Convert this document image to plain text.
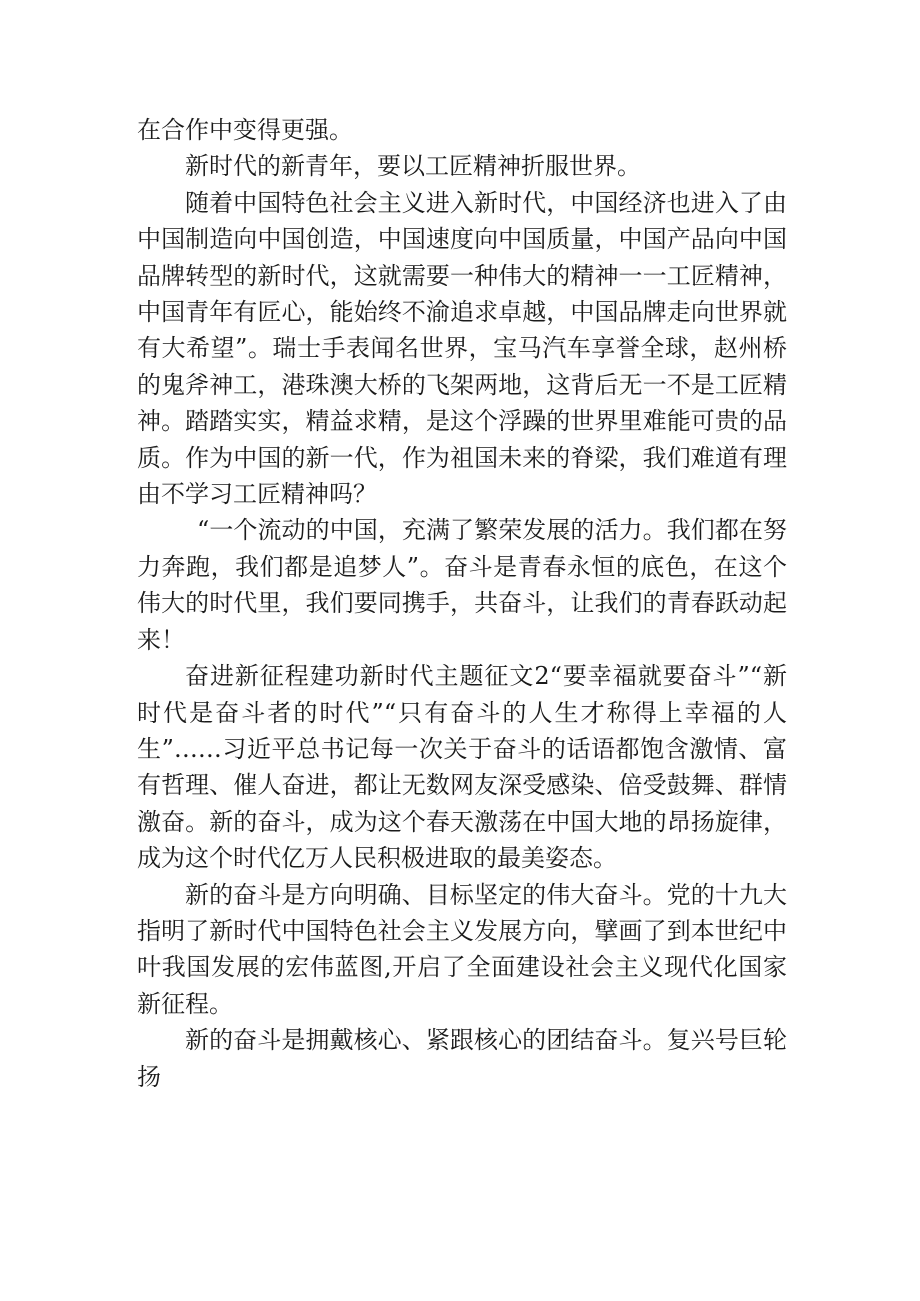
在合作中变得更强。

新时代的新青年，要以工匠精神折服世界。

随着中国特色社会主义进入新时代，中国经济也进入了由中国制造向中国创造，中国速度向中国质量，中国产品向中国品牌转型的新时代，这就需要一种伟大的精神一一工匠精神，中国青年有匠心，能始终不渝追求卓越，中国品牌走向世界就有大希望”。瑞士手表闻名世界，宝马汽车享誉全球，赵州桥的鬼斧神工，港珠澳大桥的飞架两地，这背后无一不是工匠精神。踏踏实实，精益求精，是这个浮躁的世界里难能可贵的品质。作为中国的新一代，作为祖国未来的脊梁，我们难道有理由不学习工匠精神吗？

“一个流动的中国，充满了繁荣发展的活力。我们都在努力奔跑，我们都是追梦人”。奋斗是青春永恒的底色，在这个伟大的时代里，我们要同携手，共奋斗，让我们的青春跃动起来！

奋进新征程建功新时代主题征文2“要幸福就要奋斗”“新时代是奋斗者的时代”“只有奋斗的人生才称得上幸福的人生”……习近平总书记每一次关于奋斗的话语都饱含激情、富有哲理、催人奋进，都让无数网友深受感染、倍受鼓舞、群情激奋。新的奋斗，成为这个春天激荡在中国大地的昂扬旋律，成为这个时代亿万人民积极进取的最美姿态。

新的奋斗是方向明确、目标坚定的伟大奋斗。党的十九大指明了新时代中国特色社会主义发展方向，擘画了到本世纪中叶我国发展的宏伟蓝图,开启了全面建设社会主义现代化国家新征程。

新的奋斗是拥戴核心、紧跟核心的团结奋斗。复兴号巨轮扬
